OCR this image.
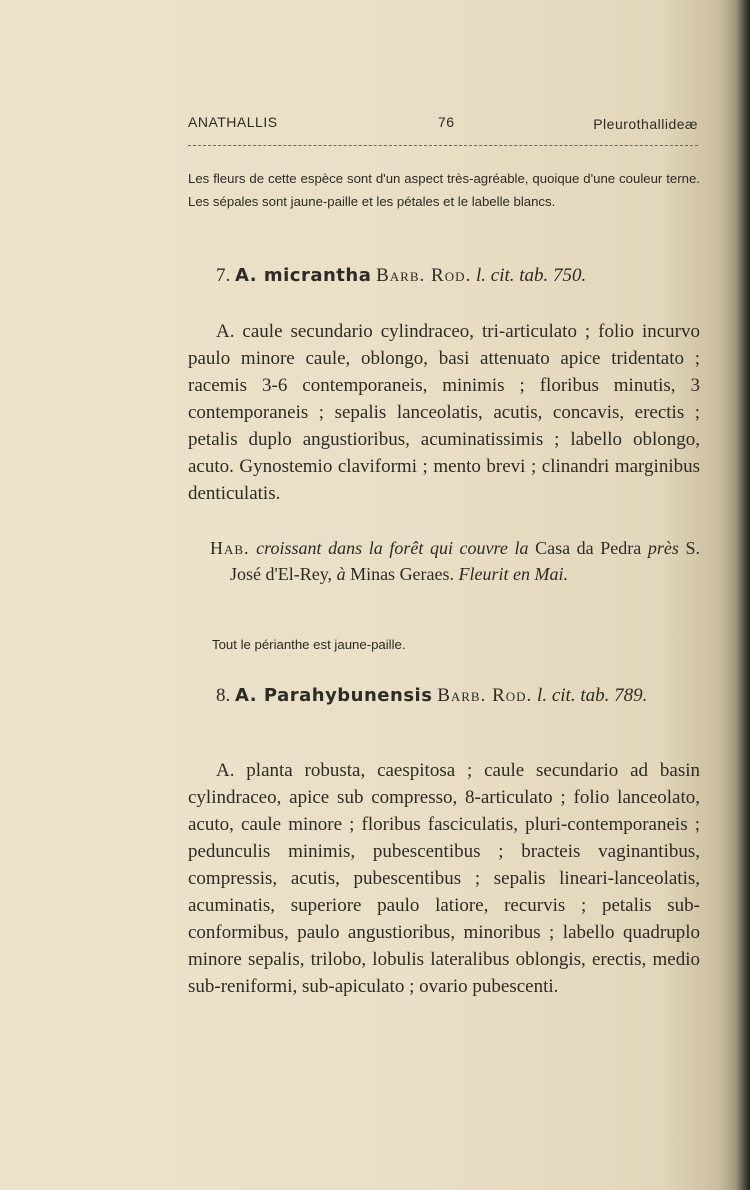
ANATHALLIS	76	Pleurothallideæ

Les fleurs de cette espèce sont d'un aspect très-agréable, quoique d'une couleur terne. Les sépales sont jaune-paille et les pétales et le labelle blancs.

7. A. micrantha Barb. Rod. l. cit. tab. 750.

A. caule secundario cylindraceo, tri-articulato ; folio incurvo paulo minore caule, oblongo, basi attenuato apice tridentato ; racemis 3-6 contemporaneis, minimis ; floribus minutis, 3 contemporaneis ; sepalis lanceolatis, acutis, concavis, erectis ; petalis duplo angustioribus, acuminatissimis ; labello oblongo, acuto. Gynostemio claviformi ; mento brevi ; clinandri marginibus denticulatis.

Hab. croissant dans la forêt qui couvre la Casa da Pedra près S. José d'El-Rey, à Minas Geraes. Fleurit en Mai.

Tout le périanthe est jaune-paille.

8. A. Parahybunensis Barb. Rod. l. cit. tab. 789.

A. planta robusta, caespitosa ; caule secundario ad basin cylindraceo, apice sub compresso, 8-articulato ; folio lanceolato, acuto, caule minore ; floribus fasciculatis, pluri-contemporaneis ; pedunculis minimis, pubescentibus ; bracteis vaginantibus, compressis, acutis, pubescentibus ; sepalis lineari-lanceolatis, acuminatis, superiore paulo latiore, recurvis ; petalis sub-conformibus, paulo angustioribus, minoribus ; labello quadruplo minore sepalis, trilobo, lobulis lateralibus oblongis, erectis, medio sub-reniformi, sub-apiculato ; ovario pubescenti.
